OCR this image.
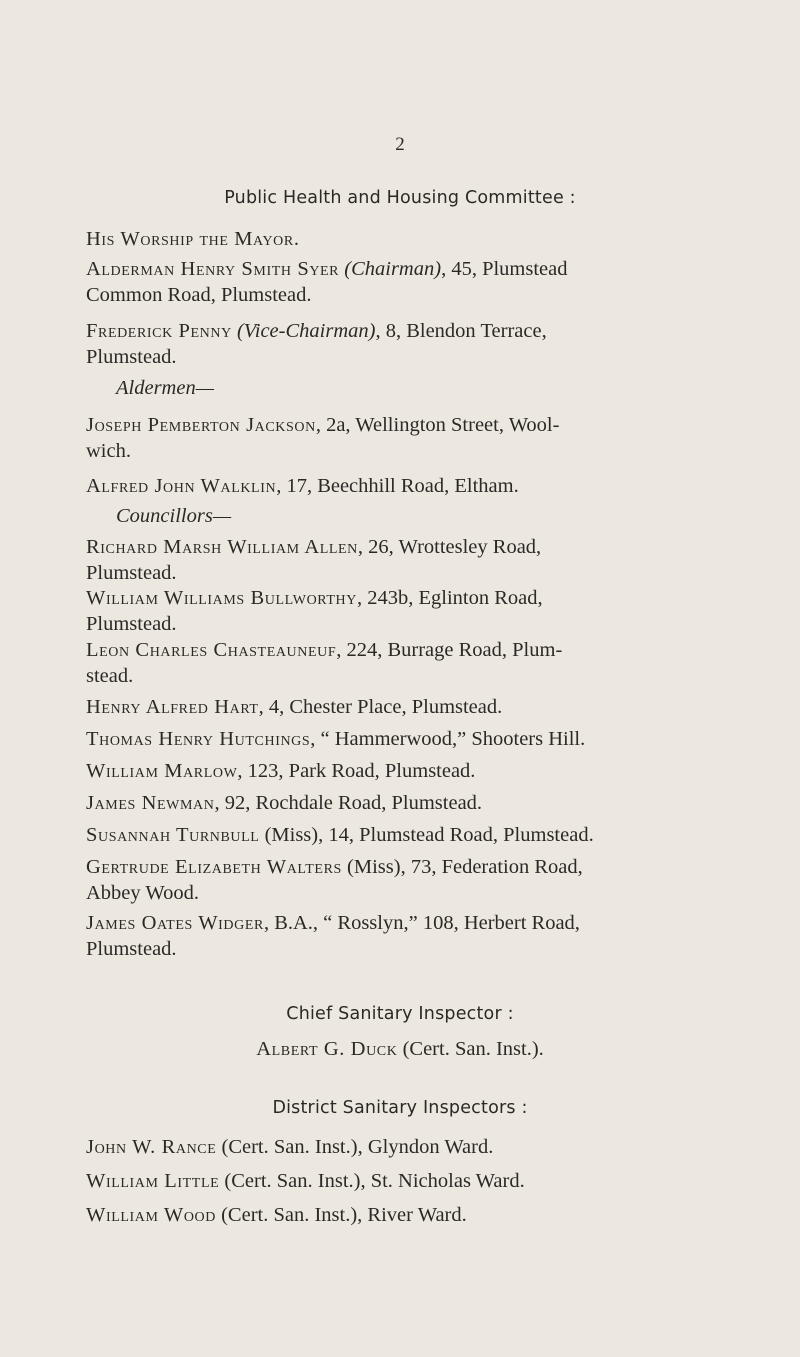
2
Public Health and Housing Committee :
His Worship the Mayor.
Alderman Henry Smith Syer (Chairman), 45, Plumstead
Common Road, Plumstead.
Frederick Penny (Vice-Chairman), 8, Blendon Terrace,
Plumstead.
Aldermen—
Joseph Pemberton Jackson, 2a, Wellington Street, Wool-
wich.
Alfred John Walklin, 17, Beechhill Road, Eltham.
Councillors—
Richard Marsh William Allen, 26, Wrottesley Road,
Plumstead.
William Williams Bullworthy, 243b, Eglinton Road,
Plumstead.
Leon Charles Chasteauneuf, 224, Burrage Road, Plum-
stead.
Henry Alfred Hart, 4, Chester Place, Plumstead.
Thomas Henry Hutchings, “ Hammerwood,” Shooters Hill.
William Marlow, 123, Park Road, Plumstead.
James Newman, 92, Rochdale Road, Plumstead.
Susannah Turnbull (Miss), 14, Plumstead Road, Plumstead.
Gertrude Elizabeth Walters (Miss), 73, Federation Road,
Abbey Wood.
James Oates Widger, B.A., “ Rosslyn,” 108, Herbert Road,
Plumstead.
Chief Sanitary Inspector :
Albert G. Duck (Cert. San. Inst.).
District Sanitary Inspectors :
John W. Rance (Cert. San. Inst.), Glyndon Ward.
William Little (Cert. San. Inst.), St. Nicholas Ward.
William Wood (Cert. San. Inst.), River Ward.
